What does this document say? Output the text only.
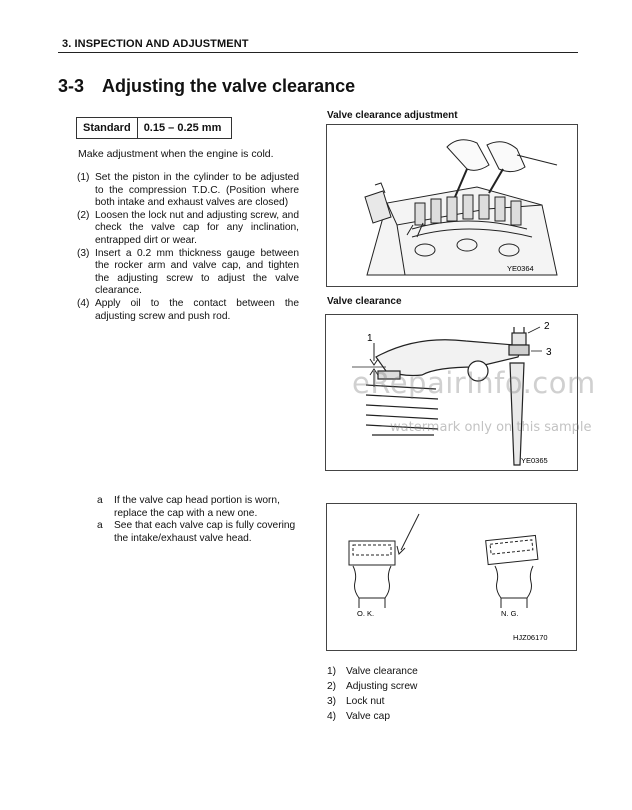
3. INSPECTION AND ADJUSTMENT
3-3 Adjusting the valve clearance
Standard	0.15 – 0.25 mm
Make adjustment when the engine is cold.
(1) Set the piston in the cylinder to be adjusted to the compression T.D.C. (Position where both intake and exhaust valves are closed)
(2) Loosen the lock nut and adjusting screw, and check the valve cap for any inclination, entrapped dirt or wear.
(3) Insert a 0.2 mm thickness gauge between the rocker arm and valve cap, and tighten the adjusting screw to adjust the valve clearance.
(4) Apply oil to the contact between the adjusting screw and push rod.
a	If the valve cap head portion is worn, replace the cap with a new one.
a	See that each valve cap is fully covering the intake/exhaust valve head.
Valve clearance adjustment
YE0364
Valve clearance
1
2
3
YE0365
eRepairInfo.com
watermark only on this sample
O. K.	N. G.
HJZ06170
1) Valve clearance
2) Adjusting screw
3) Lock nut
4) Valve cap
